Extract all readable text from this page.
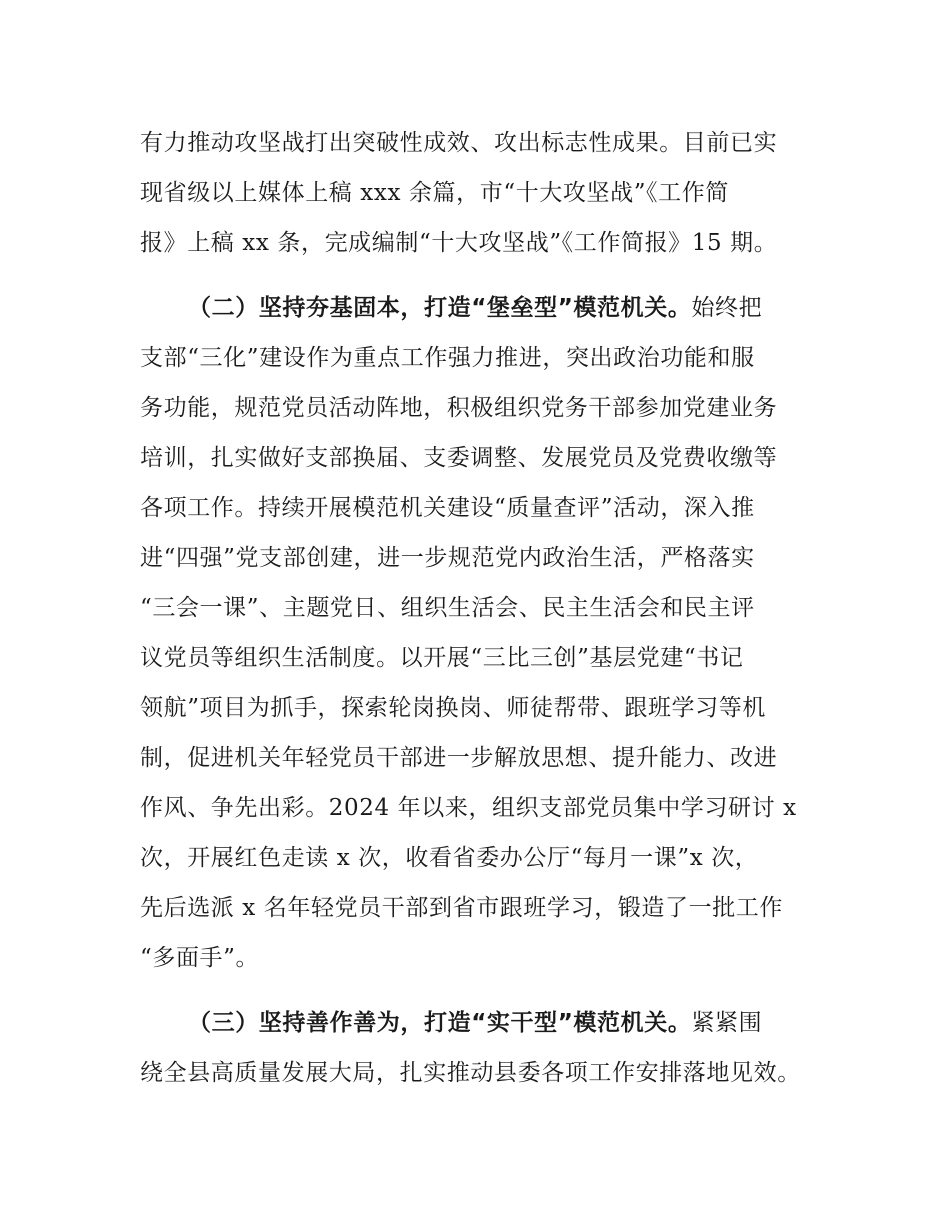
有力推动攻坚战打出突破性成效、攻出标志性成果。目前已实
现省级以上媒体上稿 xxx 余篇，市“十大攻坚战”《工作简
报》上稿 xx 条，完成编制“十大攻坚战”《工作简报》15 期。
（二）坚持夯基固本，打造“堡垒型”模范机关。始终把
支部“三化”建设作为重点工作强力推进，突出政治功能和服
务功能，规范党员活动阵地，积极组织党务干部参加党建业务
培训，扎实做好支部换届、支委调整、发展党员及党费收缴等
各项工作。持续开展模范机关建设“质量查评”活动，深入推
进“四强”党支部创建，进一步规范党内政治生活，严格落实
“三会一课”、主题党日、组织生活会、民主生活会和民主评
议党员等组织生活制度。以开展“三比三创”基层党建“书记
领航”项目为抓手，探索轮岗换岗、师徒帮带、跟班学习等机
制，促进机关年轻党员干部进一步解放思想、提升能力、改进
作风、争先出彩。2024 年以来，组织支部党员集中学习研讨 x
次，开展红色走读 x 次，收看省委办公厅“每月一课”x 次，
先后选派 x 名年轻党员干部到省市跟班学习，锻造了一批工作
“多面手”。
（三）坚持善作善为，打造“实干型”模范机关。紧紧围
绕全县高质量发展大局，扎实推动县委各项工作安排落地见效。
